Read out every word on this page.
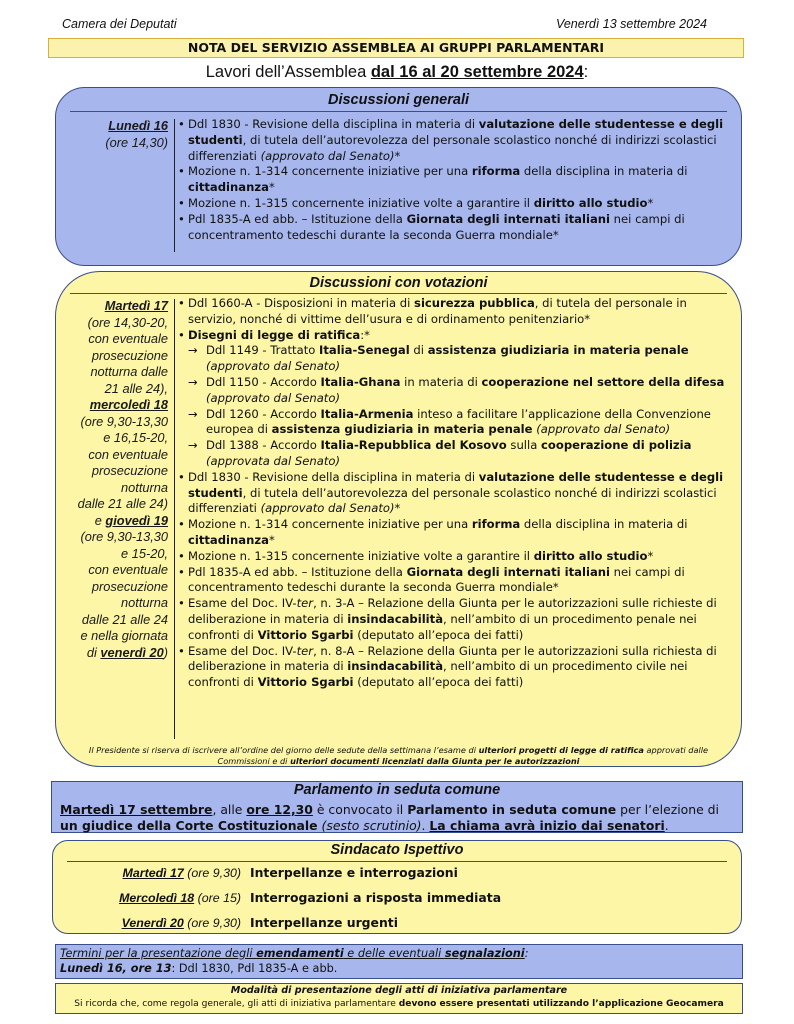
Camera dei Deputati	Venerdì 13 settembre 2024
NOTA DEL SERVIZIO ASSEMBLEA AI GRUPPI PARLAMENTARI
Lavori dell’Assemblea dal 16 al 20 settembre 2024:
Discussioni generali
Lunedì 16
(ore 14,30)
• Ddl 1830 - Revisione della disciplina in materia di valutazione delle studentesse e degli studenti, di tutela dell’autorevolezza del personale scolastico nonché di indirizzi scolastici differenziati (approvato dal Senato)*
• Mozione n. 1-314 concernente iniziative per una riforma della disciplina in materia di cittadinanza*
• Mozione n. 1-315 concernente iniziative volte a garantire il diritto allo studio*
• Pdl 1835-A ed abb. – Istituzione della Giornata degli internati italiani nei campi di concentramento tedeschi durante la seconda Guerra mondiale*
Discussioni con votazioni
Martedì 17
(ore 14,30-20,
con eventuale
prosecuzione
notturna dalle
21 alle 24),
mercoledì 18
(ore 9,30-13,30
e 16,15-20,
con eventuale
prosecuzione
notturna
dalle 21 alle 24)
e giovedì 19
(ore 9,30-13,30
e 15-20,
con eventuale
prosecuzione
notturna
dalle 21 alle 24
e nella giornata
di venerdì 20)
• Ddl 1660-A - Disposizioni in materia di sicurezza pubblica, di tutela del personale in servizio, nonché di vittime dell’usura e di ordinamento penitenziario*
• Disegni di legge di ratifica:*
→ Ddl 1149 - Trattato Italia-Senegal di assistenza giudiziaria in materia penale (approvato dal Senato)
→ Ddl 1150 - Accordo Italia-Ghana in materia di cooperazione nel settore della difesa (approvato dal Senato)
→ Ddl 1260 - Accordo Italia-Armenia inteso a facilitare l’applicazione della Convenzione europea di assistenza giudiziaria in materia penale (approvato dal Senato)
→ Ddl 1388 - Accordo Italia-Repubblica del Kosovo sulla cooperazione di polizia (approvata dal Senato)
• Ddl 1830 - Revisione della disciplina in materia di valutazione delle studentesse e degli studenti, di tutela dell’autorevolezza del personale scolastico nonché di indirizzi scolastici differenziati (approvato dal Senato)*
• Mozione n. 1-314 concernente iniziative per una riforma della disciplina in materia di cittadinanza*
• Mozione n. 1-315 concernente iniziative volte a garantire il diritto allo studio*
• Pdl 1835-A ed abb. – Istituzione della Giornata degli internati italiani nei campi di concentramento tedeschi durante la seconda Guerra mondiale*
• Esame del Doc. IV-ter, n. 3-A – Relazione della Giunta per le autorizzazioni sulle richieste di deliberazione in materia di insindacabilità, nell’ambito di un procedimento penale nei confronti di Vittorio Sgarbi (deputato all’epoca dei fatti)
• Esame del Doc. IV-ter, n. 8-A – Relazione della Giunta per le autorizzazioni sulla richiesta di deliberazione in materia di insindacabilità, nell’ambito di un procedimento civile nei confronti di Vittorio Sgarbi (deputato all’epoca dei fatti)
Il Presidente si riserva di iscrivere all’ordine del giorno delle sedute della settimana l’esame di ulteriori progetti di legge di ratifica approvati dalle Commissioni e di ulteriori documenti licenziati dalla Giunta per le autorizzazioni
Parlamento in seduta comune
Martedì 17 settembre, alle ore 12,30 è convocato il Parlamento in seduta comune per l’elezione di un giudice della Corte Costituzionale (sesto scrutinio). La chiama avrà inizio dai senatori.
Sindacato Ispettivo
Martedì 17 (ore 9,30) Interpellanze e interrogazioni
Mercoledì 18 (ore 15) Interrogazioni a risposta immediata
Venerdì 20 (ore 9,30) Interpellanze urgenti
Termini per la presentazione degli emendamenti e delle eventuali segnalazioni:
Lunedì 16, ore 13: Ddl 1830, Pdl 1835-A e abb.
Modalità di presentazione degli atti di iniziativa parlamentare
Si ricorda che, come regola generale, gli atti di iniziativa parlamentare devono essere presentati utilizzando l’applicazione Geocamera
